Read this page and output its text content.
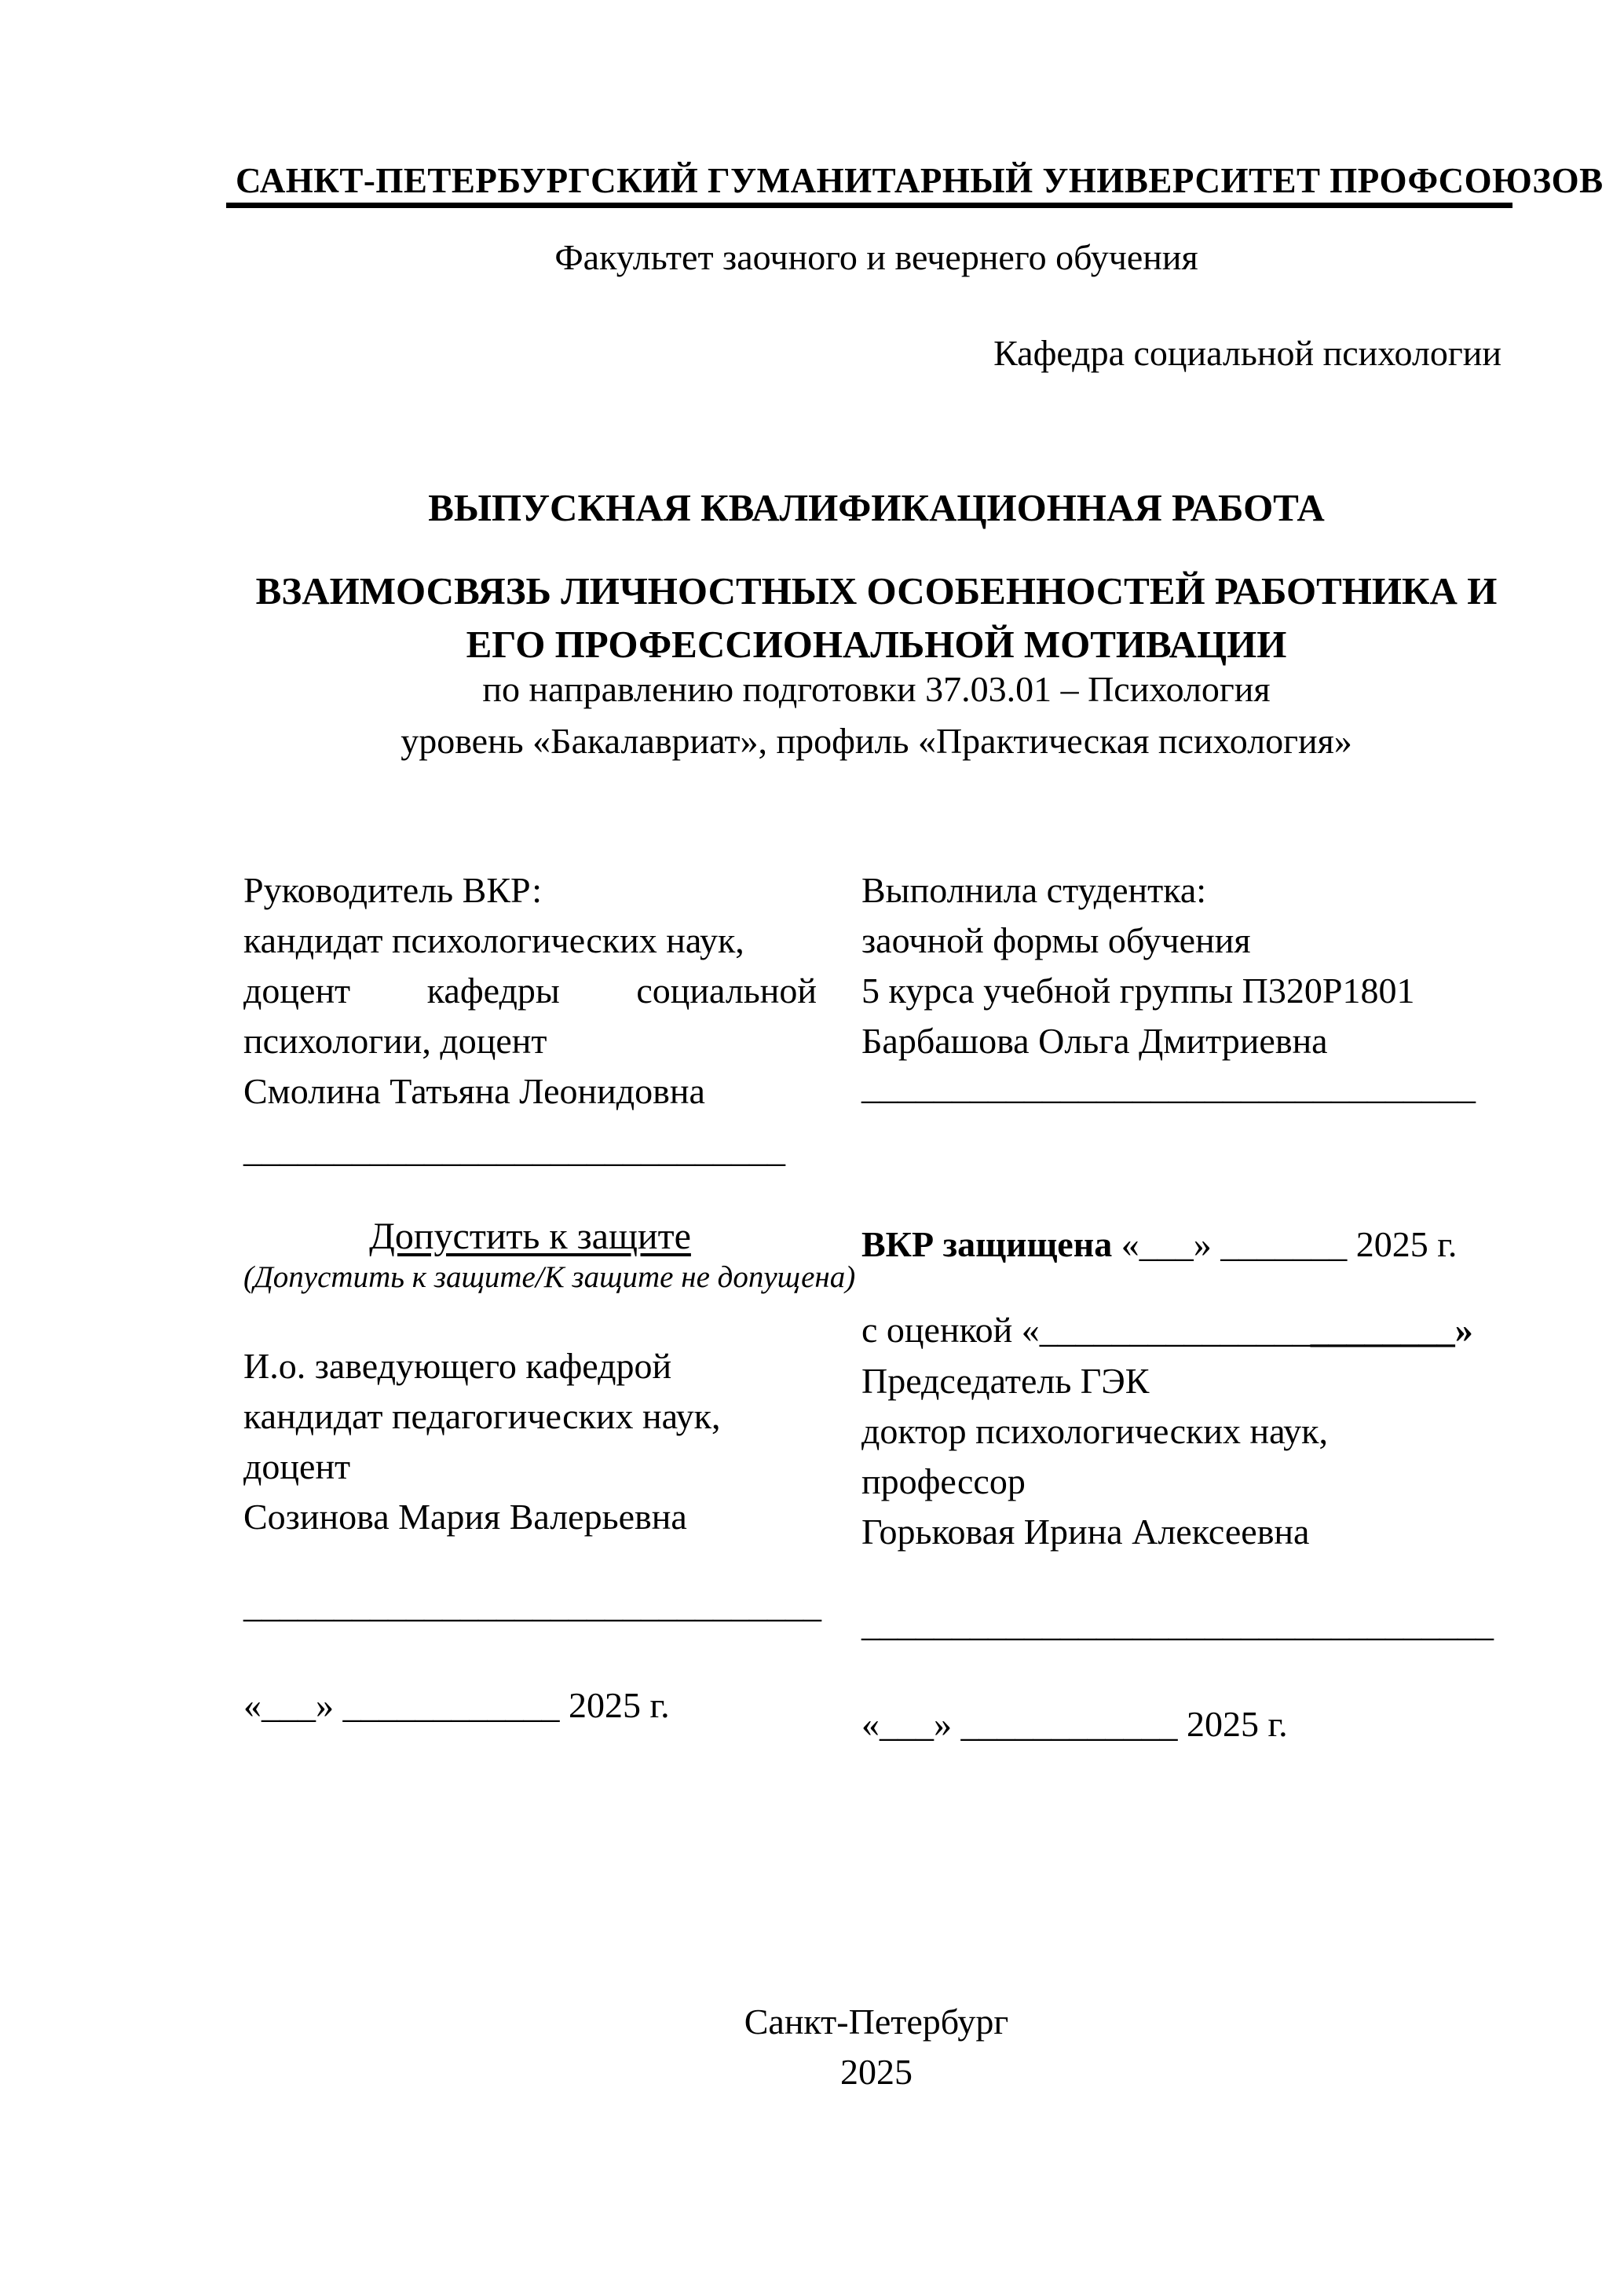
САНКТ-ПЕТЕРБУРГСКИЙ ГУМАНИТАРНЫЙ УНИВЕРСИТЕТ ПРОФСОЮЗОВ
Факультет заочного и вечернего обучения
Кафедра социальной психологии
ВЫПУСКНАЯ КВАЛИФИКАЦИОННАЯ РАБОТА
ВЗАИМОСВЯЗЬ ЛИЧНОСТНЫХ ОСОБЕННОСТЕЙ РАБОТНИКА И
ЕГО ПРОФЕССИОНАЛЬНОЙ МОТИВАЦИИ
по направлению подготовки 37.03.01 – Психология
уровень «Бакалавриат», профиль «Практическая психология»
Руководитель ВКР:
кандидат психологических наук,
доцент кафедры социальной
психологии, доцент
Смолина Татьяна Леонидовна
______________________________
Выполнила студентка:
заочной формы обучения
5 курса учебной группы П320Р1801
Барбашова Ольга Дмитриевна
__________________________________
Допустить к защите
(Допустить к защите/К защите не допущена)
И.о. заведующего кафедрой
кандидат педагогических наук,
доцент
Созинова Мария Валерьевна
________________________________
«___» ____________ 2025 г.
ВКР защищена «___» _______ 2025 г.
с оценкой «_______________________»
Председатель ГЭК
доктор психологических наук,
профессор
Горьковая Ирина Алексеевна
___________________________________
«___» ____________ 2025 г.
Санкт-Петербург
2025
